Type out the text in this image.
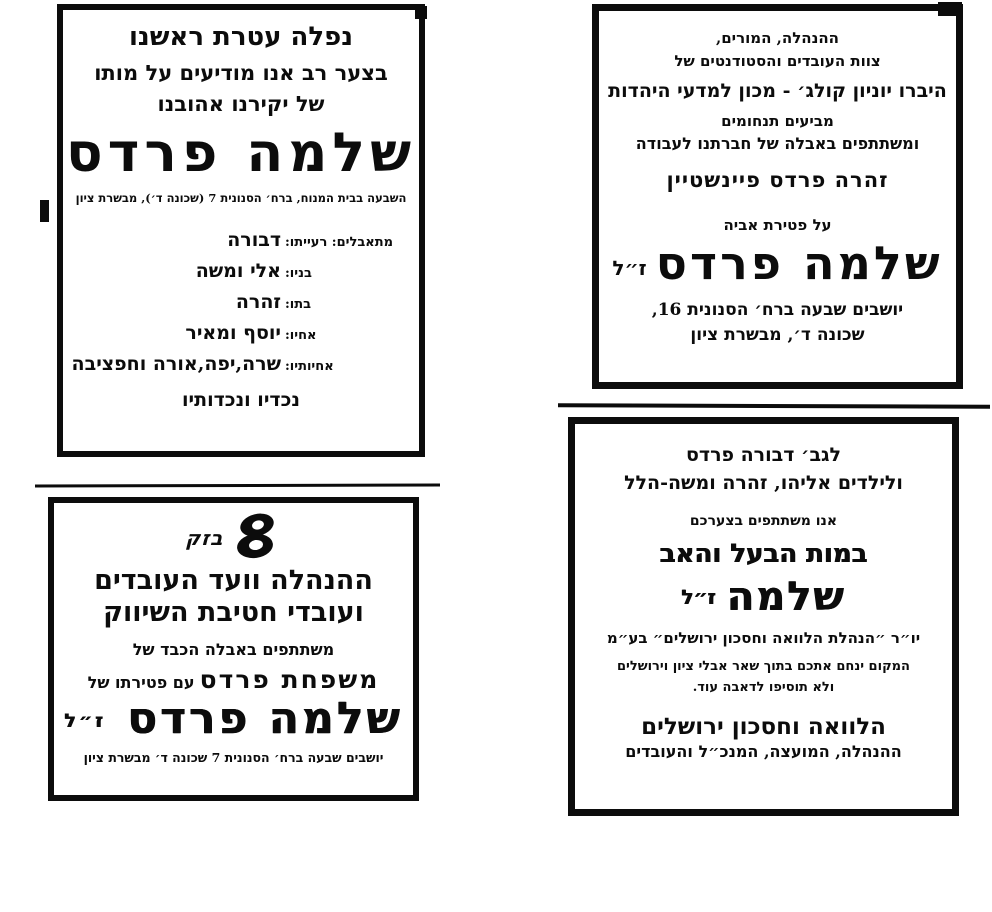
נפלה עטרת ראשנו
בצער רב אנו מודיעים על מותו
של יקירנו אהובנו
שלמה פרדס
השבעה בבית המנוח, ברח׳ הסנונית 7 (שכונה ד׳), מבשרת ציון
מתאבלים: רעייתו:
דבורה
בניו:
אלי ומשה
בתו:
זהרה
אחיו:
יוסף ומאיר
אחיותיו:
שרה,יפה,אורה וחפציבה
נכדיו ונכדותיו
ההנהלה, המורים,
צוות העובדים והסטודנטים של
היברו יוניון קולג׳ - מכון למדעי היהדות
מביעים תנחומים
ומשתתפים באבלה של חברתנו לעבודה
זהרה פרדס פיינשטיין
על פטירת אביה
שלמה פרדס ז״ל
יושבים שבעה ברח׳ הסנונית 16,
שכונה ד׳, מבשרת ציון
בזק
ההנהלה וועד העובדים
ועובדי חטיבת השיווק
משתתפים באבלה הכבד של
משפחת פרדס עם פטירתו של
שלמה פרדס ז״ל
יושבים שבעה ברח׳ הסנונית 7 שכונה ד׳ מבשרת ציון
לגב׳ דבורה פרדס
ולילדים אליהו, זהרה ומשה-הלל
אנו משתתפים בצערכם
במות הבעל והאב
שלמה ז״ל
יו״ר ״הנהלת הלוואה וחסכון ירושלים״ בע״מ
המקום ינחם אתכם בתוך שאר אבלי ציון וירושלים
ולא תוסיפו לדאבה עוד.
הלוואה וחסכון ירושלים
ההנהלה, המועצה, המנכ״ל והעובדים
